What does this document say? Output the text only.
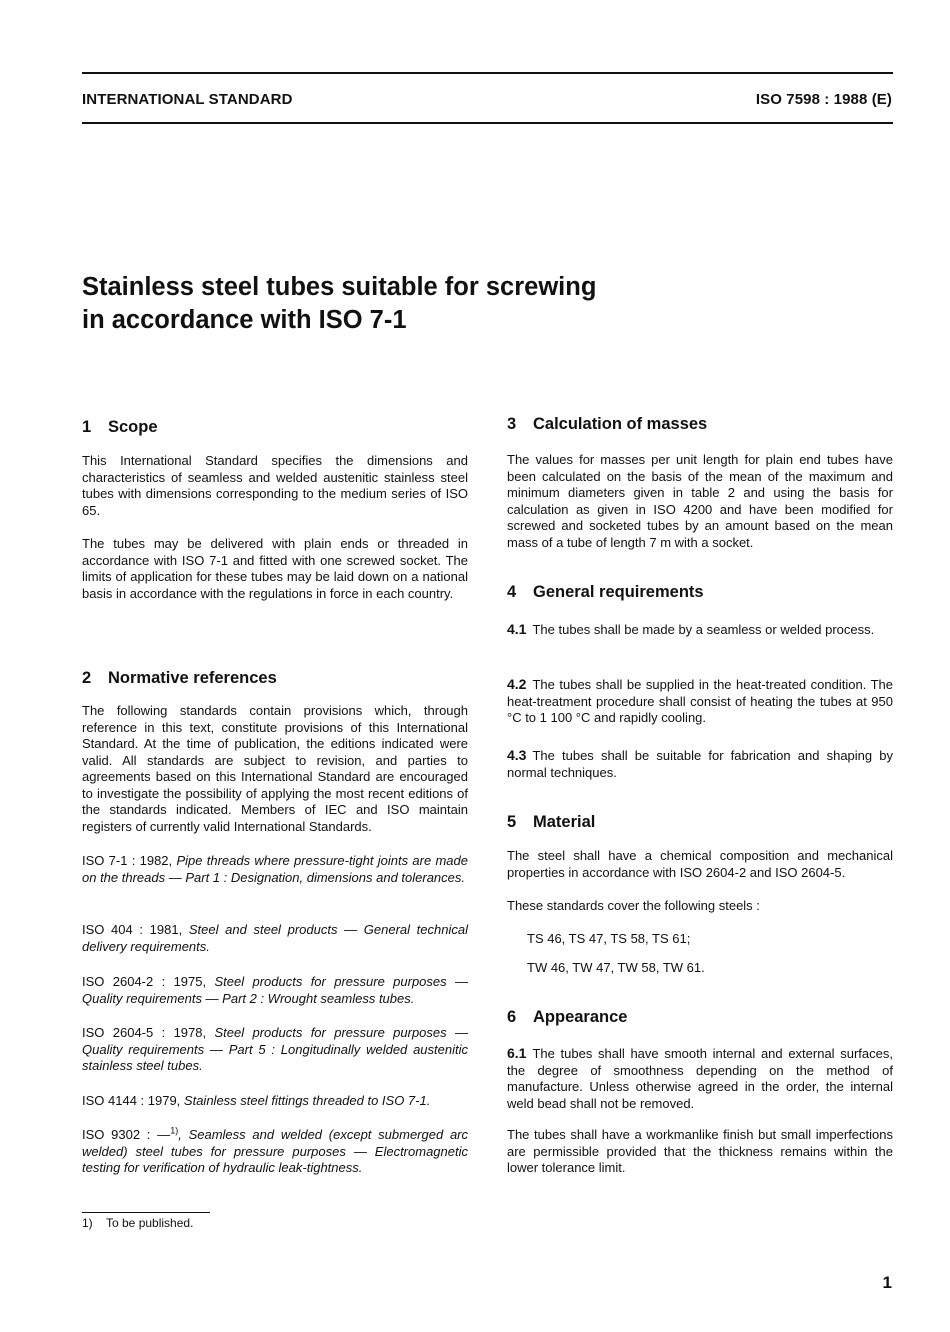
INTERNATIONAL STANDARD	ISO 7598 : 1988 (E)
Stainless steel tubes suitable for screwing
in accordance with ISO 7-1
1 Scope

This International Standard specifies the dimensions and characteristics of seamless and welded austenitic stainless steel tubes with dimensions corresponding to the medium series of ISO 65.

The tubes may be delivered with plain ends or threaded in accordance with ISO 7-1 and fitted with one screwed socket. The limits of application for these tubes may be laid down on a national basis in accordance with the regulations in force in each country.

2 Normative references

The following standards contain provisions which, through reference in this text, constitute provisions of this International Standard. At the time of publication, the editions indicated were valid. All standards are subject to revision, and parties to agreements based on this International Standard are encouraged to investigate the possibility of applying the most recent editions of the standards indicated. Members of IEC and ISO maintain registers of currently valid International Standards.

ISO 7-1 : 1982, Pipe threads where pressure-tight joints are made on the threads — Part 1 : Designation, dimensions and tolerances.

ISO 404 : 1981, Steel and steel products — General technical delivery requirements.

ISO 2604-2 : 1975, Steel products for pressure purposes — Quality requirements — Part 2 : Wrought seamless tubes.

ISO 2604-5 : 1978, Steel products for pressure purposes — Quality requirements — Part 5 : Longitudinally welded austenitic stainless steel tubes.

ISO 4144 : 1979, Stainless steel fittings threaded to ISO 7-1.

ISO 9302 : —$^{1)}$, Seamless and welded (except submerged arc welded) steel tubes for pressure purposes — Electromagnetic testing for verification of hydraulic leak-tightness.

1) To be published.

3 Calculation of masses

The values for masses per unit length for plain end tubes have been calculated on the basis of the mean of the maximum and minimum diameters given in table 2 and using the basis for calculation as given in ISO 4200 and have been modified for screwed and socketed tubes by an amount based on the mean mass of a tube of length 7 m with a socket.

4 General requirements

4.1 The tubes shall be made by a seamless or welded process.

4.2 The tubes shall be supplied in the heat-treated condition. The heat-treatment procedure shall consist of heating the tubes at 950 °C to 1 100 °C and rapidly cooling.

4.3 The tubes shall be suitable for fabrication and shaping by normal techniques.

5 Material

The steel shall have a chemical composition and mechanical properties in accordance with ISO 2604-2 and ISO 2604-5.

These standards cover the following steels :

TS 46, TS 47, TS 58, TS 61;

TW 46, TW 47, TW 58, TW 61.

6 Appearance

6.1 The tubes shall have smooth internal and external surfaces, the degree of smoothness depending on the method of manufacture. Unless otherwise agreed in the order, the internal weld bead shall not be removed.

The tubes shall have a workmanlike finish but small imperfections are permissible provided that the thickness remains within the lower tolerance limit.

1
